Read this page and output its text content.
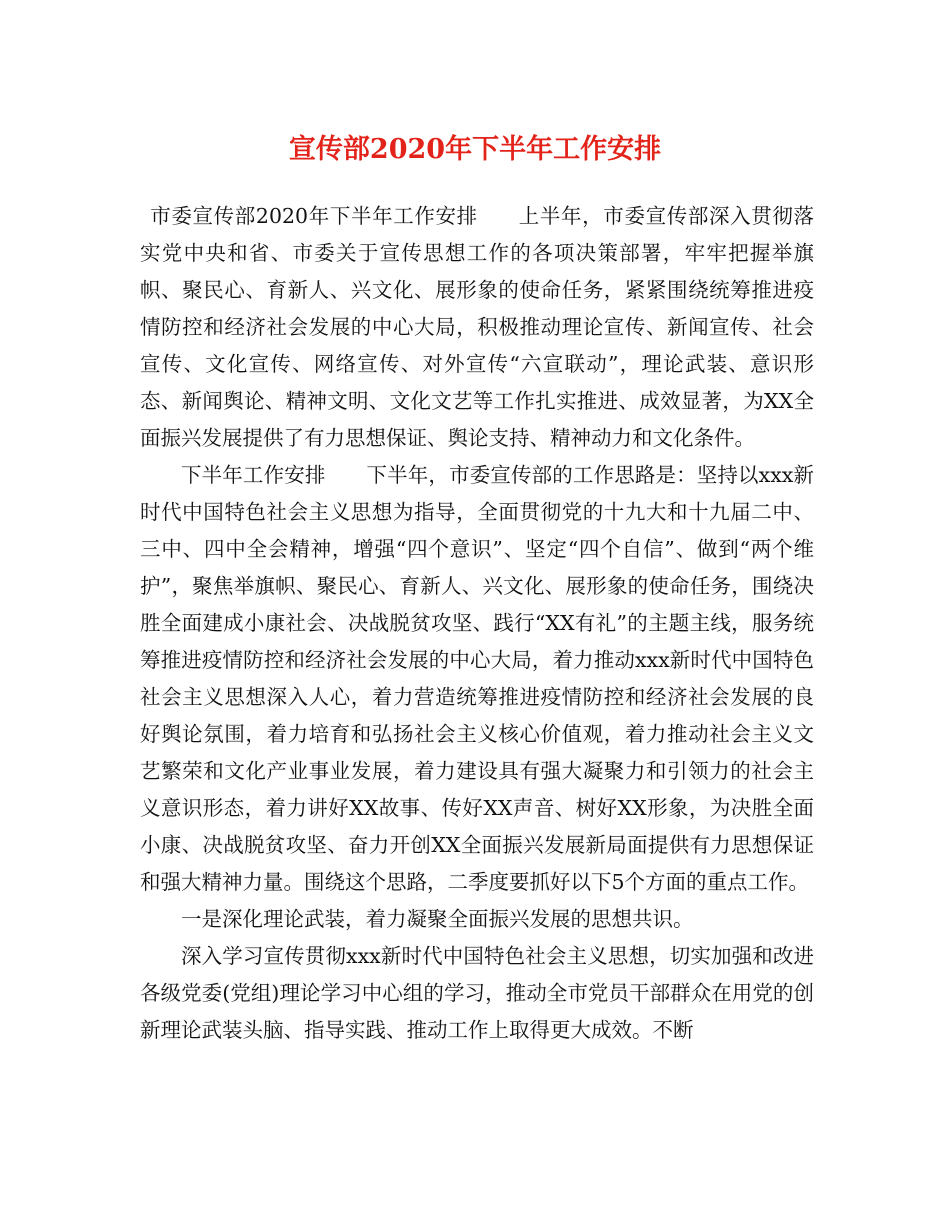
宣传部2020年下半年工作安排

市委宣传部2020年下半年工作安排 上半年，市委宣传部深入贯彻落实党中央和省、市委关于宣传思想工作的各项决策部署，牢牢把握举旗帜、聚民心、育新人、兴文化、展形象的使命任务，紧紧围绕统筹推进疫情防控和经济社会发展的中心大局，积极推动理论宣传、新闻宣传、社会宣传、文化宣传、网络宣传、对外宣传“六宣联动”，理论武装、意识形态、新闻舆论、精神文明、文化文艺等工作扎实推进、成效显著，为XX全面振兴发展提供了有力思想保证、舆论支持、精神动力和文化条件。

下半年工作安排 下半年，市委宣传部的工作思路是：坚持以xxx新时代中国特色社会主义思想为指导，全面贯彻党的十九大和十九届二中、三中、四中全会精神，增强“四个意识”、坚定“四个自信”、做到“两个维护”，聚焦举旗帜、聚民心、育新人、兴文化、展形象的使命任务，围绕决胜全面建成小康社会、决战脱贫攻坚、践行“XX有礼”的主题主线，服务统筹推进疫情防控和经济社会发展的中心大局，着力推动xxx新时代中国特色社会主义思想深入人心，着力营造统筹推进疫情防控和经济社会发展的良好舆论氛围，着力培育和弘扬社会主义核心价值观，着力推动社会主义文艺繁荣和文化产业事业发展，着力建设具有强大凝聚力和引领力的社会主义意识形态，着力讲好XX故事、传好XX声音、树好XX形象，为决胜全面小康、决战脱贫攻坚、奋力开创XX全面振兴发展新局面提供有力思想保证和强大精神力量。围绕这个思路，二季度要抓好以下5个方面的重点工作。

一是深化理论武装，着力凝聚全面振兴发展的思想共识。

深入学习宣传贯彻xxx新时代中国特色社会主义思想，切实加强和改进各级党委(党组)理论学习中心组的学习，推动全市党员干部群众在用党的创新理论武装头脑、指导实践、推动工作上取得更大成效。不断
